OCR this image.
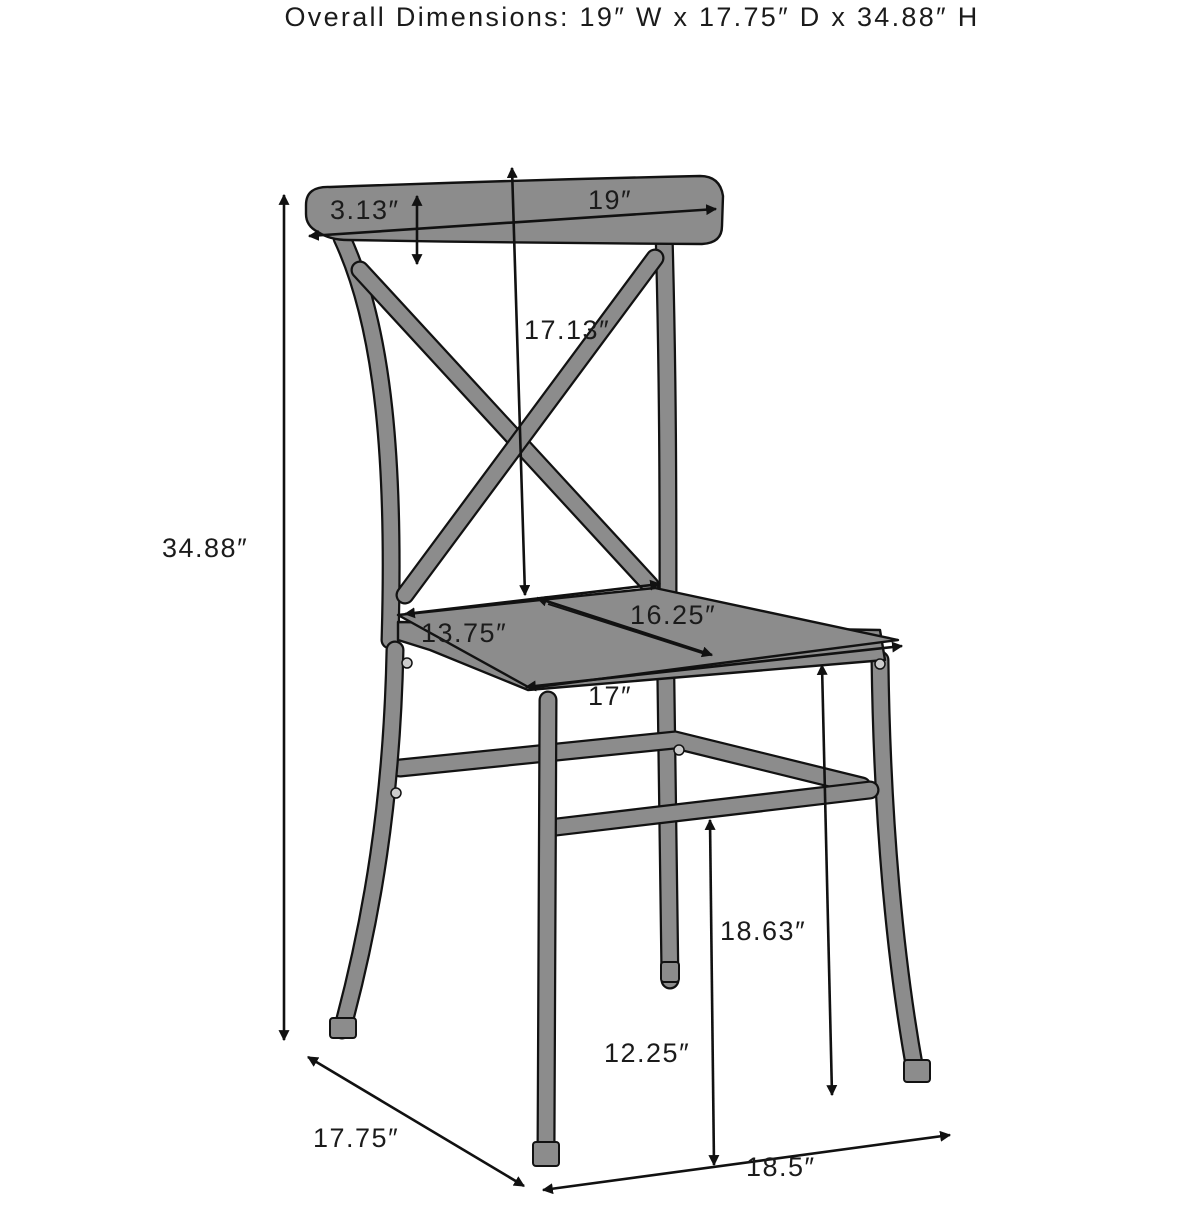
Overall Dimensions: 19″ W x 17.75″ D x 34.88″ H
3.13″	19″
17.13″
34.88″
13.75″
16.25″
17″
18.63″
12.25″
17.75″
18.5″
